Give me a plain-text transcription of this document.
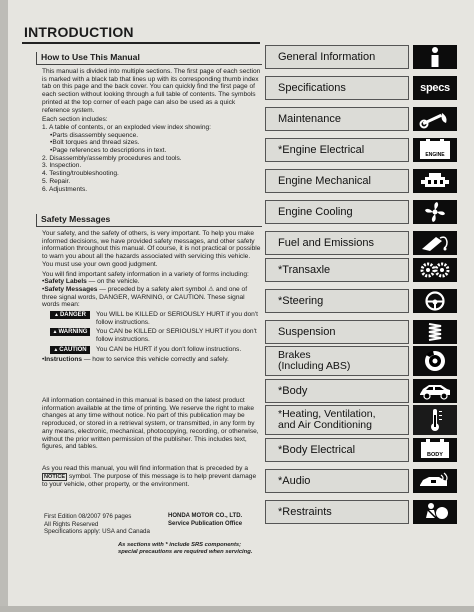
INTRODUCTION
How to Use This Manual

This manual is divided into multiple sections. The first page of each section is marked with a black tab that lines up with its corresponding thumb index tab on this page and the back cover. You can quickly find the first page of each section without looking through a full table of contents. The symbols printed at the top corner of each page can also be used as a quick reference system.

Each section includes:
1. A table of contents, or an exploded view index showing:
• Parts disassembly sequence.
• Bolt torques and thread sizes.
• Page references to descriptions in text.
2. Disassembly/assembly procedures and tools.
3. Inspection.
4. Testing/troubleshooting.
5. Repair.
6. Adjustments.
Safety Messages

Your safety, and the safety of others, is very important. To help you make informed decisions, we have provided safety messages, and other safety information throughout this manual. Of course, it is not practical or possible to warn you about all the hazards associated with servicing this vehicle. You must use your own good judgment.

You will find important safety information in a variety of forms including:
• Safety Labels — on the vehicle.
• Safety Messages — preceded by a safety alert symbol ⚠ and one of three signal words, DANGER, WARNING, or CAUTION. These signal words mean:
▲DANGER	You WILL be KILLED or SERIOUSLY HURT if you don't follow instructions.
▲WARNING	You CAN be KILLED or SERIOUSLY HURT if you don't follow instructions.
▲CAUTION	You CAN be HURT if you don't follow instructions.
• Instructions — how to service this vehicle correctly and safely.
All information contained in this manual is based on the latest product information available at the time of printing. We reserve the right to make changes at any time without notice. No part of this publication may be reproduced, or stored in a retrieval system, or transmitted, in any form by any means, electronic, mechanical, photocopying, recording, or otherwise, without the prior written permission of the publisher. This includes text, figures, and tables.
As you read this manual, you will find information that is preceded by a NOTICE symbol. The purpose of this message is to help prevent damage to your vehicle, other property, or the environment.
First Edition 08/2007 976 pages
All Rights Reserved
Specifications apply: USA and Canada
HONDA MOTOR CO., LTD.
Service Publication Office
As sections with * include SRS components;
special precautions are required when servicing.
General Information
Specifications	specs
Maintenance
*Engine Electrical	ENGINE
Engine Mechanical
Engine Cooling
Fuel and Emissions
*Transaxle
*Steering
Suspension
Brakes
(Including ABS)
*Body
*Heating, Ventilation,
and Air Conditioning
*Body Electrical	BODY
*Audio
*Restraints
